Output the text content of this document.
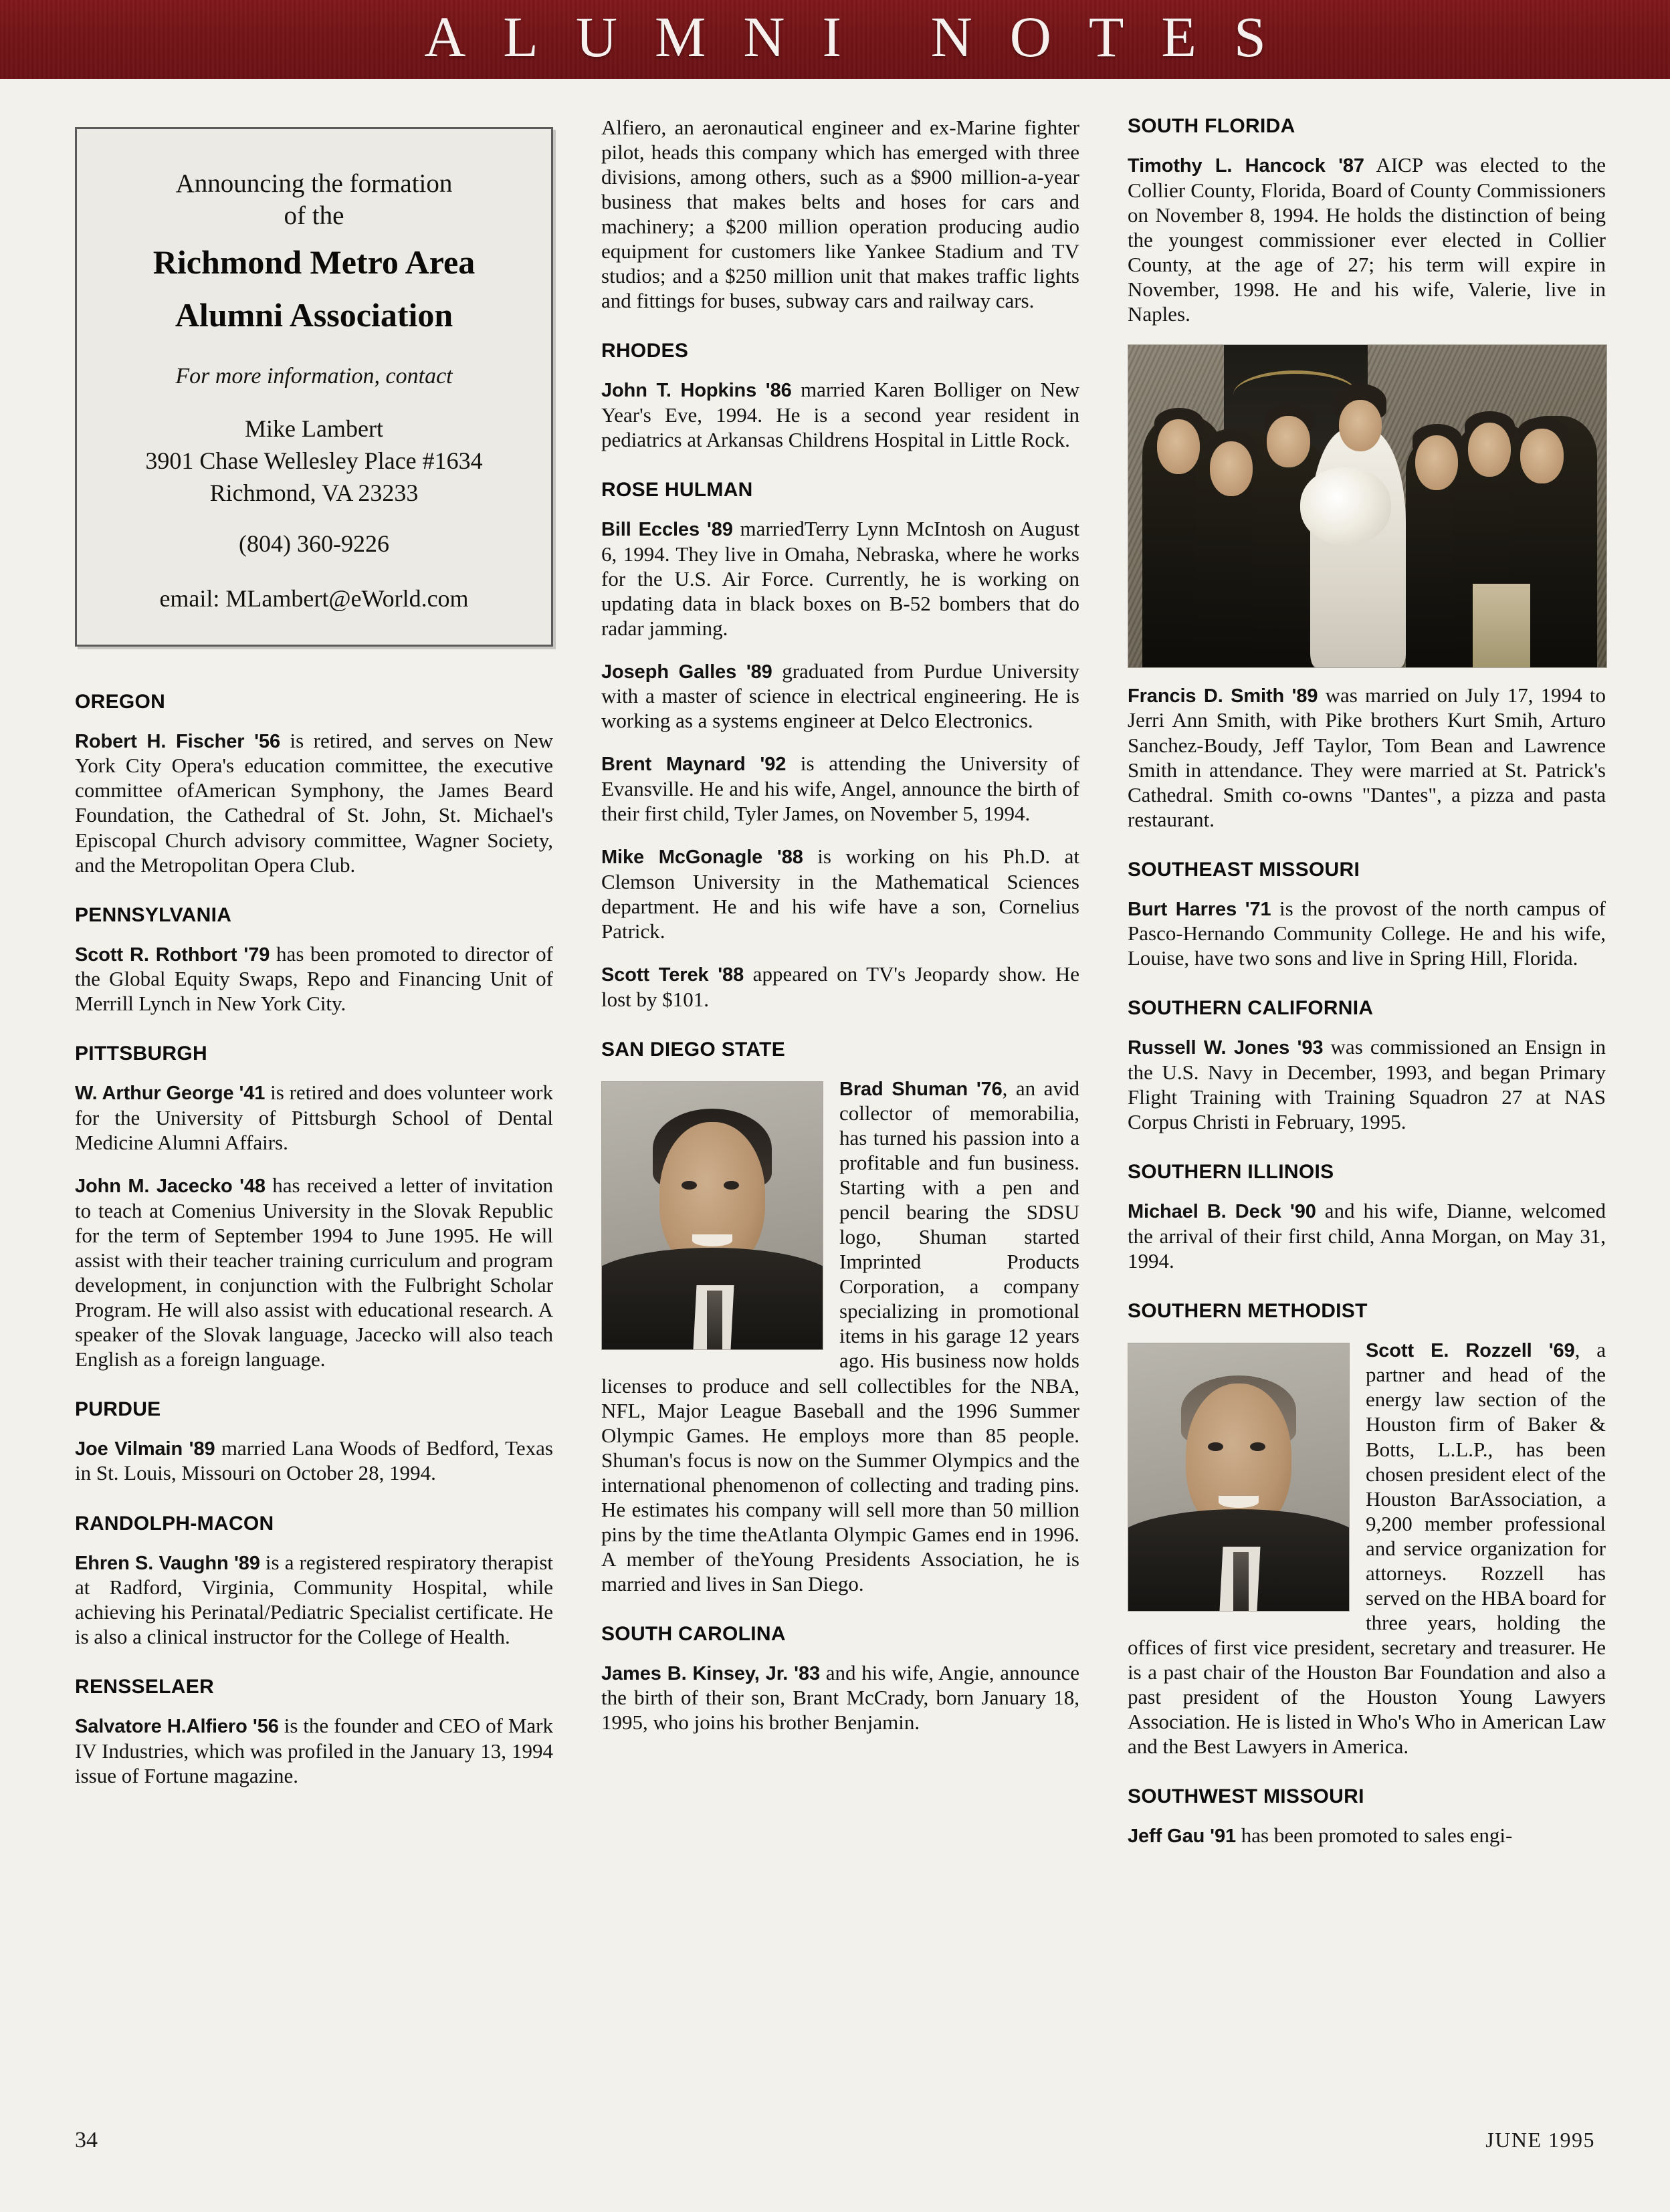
ALUMNI NOTES
Announcing the formation
of the
Richmond Metro Area
Alumni Association
For more information, contact
Mike Lambert
3901 Chase Wellesley Place #1634
Richmond, VA 23233
(804) 360-9226
email: MLambert@eWorld.com
OREGON

Robert H. Fischer '56 is retired, and serves on New York City Opera's education committee, the executive committee ofAmerican Symphony, the James Beard Foundation, the Cathedral of St. John, St. Michael's Episcopal Church advisory committee, Wagner Society, and the Metropolitan Opera Club.

PENNSYLVANIA

Scott R. Rothbort '79 has been promoted to director of the Global Equity Swaps, Repo and Financing Unit of Merrill Lynch in New York City.

PITTSBURGH

W. Arthur George '41 is retired and does volunteer work for the University of Pittsburgh School of Dental Medicine Alumni Affairs.

John M. Jacecko '48 has received a letter of invitation to teach at Comenius University in the Slovak Republic for the term of September 1994 to June 1995. He will assist with their teacher training curriculum and program development, in conjunction with the Fulbright Scholar Program. He will also assist with educational research. A speaker of the Slovak language, Jacecko will also teach English as a foreign language.

PURDUE

Joe Vilmain '89 married Lana Woods of Bedford, Texas in St. Louis, Missouri on October 28, 1994.

RANDOLPH-MACON

Ehren S. Vaughn '89 is a registered respiratory therapist at Radford, Virginia, Community Hospital, while achieving his Perinatal/Pediatric Specialist certificate. He is also a clinical instructor for the College of Health.

RENSSELAER

Salvatore H.Alfiero '56 is the founder and CEO of Mark IV Industries, which was profiled in the January 13, 1994 issue of Fortune magazine.

Alfiero, an aeronautical engineer and ex-Marine fighter pilot, heads this company which has emerged with three divisions, among others, such as a $900 million-a-year business that makes belts and hoses for cars and machinery; a $200 million operation producing audio equipment for customers like Yankee Stadium and TV studios; and a $250 million unit that makes traffic lights and fittings for buses, subway cars and railway cars.

RHODES

John T. Hopkins '86 married Karen Bolliger on New Year's Eve, 1994. He is a second year resident in pediatrics at Arkansas Childrens Hospital in Little Rock.

ROSE HULMAN

Bill Eccles '89 marriedTerry Lynn McIntosh on August 6, 1994. They live in Omaha, Nebraska, where he works for the U.S. Air Force. Currently, he is working on updating data in black boxes on B-52 bombers that do radar jamming.

Joseph Galles '89 graduated from Purdue University with a master of science in electrical engineering. He is working as a systems engineer at Delco Electronics.

Brent Maynard '92 is attending the University of Evansville. He and his wife, Angel, announce the birth of their first child, Tyler James, on November 5, 1994.

Mike McGonagle '88 is working on his Ph.D. at Clemson University in the Mathematical Sciences department. He and his wife have a son, Cornelius Patrick.

Scott Terek '88 appeared on TV's Jeopardy show. He lost by $101.

SAN DIEGO STATE

Brad Shuman '76, an avid collector of memorabilia, has turned his passion into a profitable and fun business. Starting with a pen and pencil bearing the SDSU logo, Shuman started Imprinted Products Corporation, a company specializing in promotional items in his garage 12 years ago. His business now holds licenses to produce and sell collectibles for the NBA, NFL, Major League Baseball and the 1996 Summer Olympic Games. He employs more than 85 people. Shuman's focus is now on the Summer Olympics and the international phenomenon of collecting and trading pins. He estimates his company will sell more than 50 million pins by the time theAtlanta Olympic Games end in 1996. A member of theYoung Presidents Association, he is married and lives in San Diego.

SOUTH CAROLINA

James B. Kinsey, Jr. '83 and his wife, Angie, announce the birth of their son, Brant McCrady, born January 18, 1995, who joins his brother Benjamin.

SOUTH FLORIDA

Timothy L. Hancock '87 AICP was elected to the Collier County, Florida, Board of County Commissioners on November 8, 1994. He holds the distinction of being the youngest commissioner ever elected in Collier County, at the age of 27; his term will expire in November, 1998. He and his wife, Valerie, live in Naples.

Francis D. Smith '89 was married on July 17, 1994 to Jerri Ann Smith, with Pike brothers Kurt Smih, Arturo Sanchez-Boudy, Jeff Taylor, Tom Bean and Lawrence Smith in attendance. They were married at St. Patrick's Cathedral. Smith co-owns "Dantes", a pizza and pasta restaurant.

SOUTHEAST MISSOURI

Burt Harres '71 is the provost of the north campus of Pasco-Hernando Community College. He and his wife, Louise, have two sons and live in Spring Hill, Florida.

SOUTHERN CALIFORNIA

Russell W. Jones '93 was commissioned an Ensign in the U.S. Navy in December, 1993, and began Primary Flight Training with Training Squadron 27 at NAS Corpus Christi in February, 1995.

SOUTHERN ILLINOIS

Michael B. Deck '90 and his wife, Dianne, welcomed the arrival of their first child, Anna Morgan, on May 31, 1994.

SOUTHERN METHODIST

Scott E. Rozzell '69, a partner and head of the energy law section of the Houston firm of Baker & Botts, L.L.P., has been chosen president elect of the Houston BarAssociation, a 9,200 member professional and service organization for attorneys. Rozzell has served on the HBA board for three years, holding the offices of first vice president, secretary and treasurer. He is a past chair of the Houston Bar Foundation and also a past president of the Houston Young Lawyers Association. He is listed in Who's Who in American Law and the Best Lawyers in America.

SOUTHWEST MISSOURI

Jeff Gau '91 has been promoted to sales engi-

34	JUNE 1995
